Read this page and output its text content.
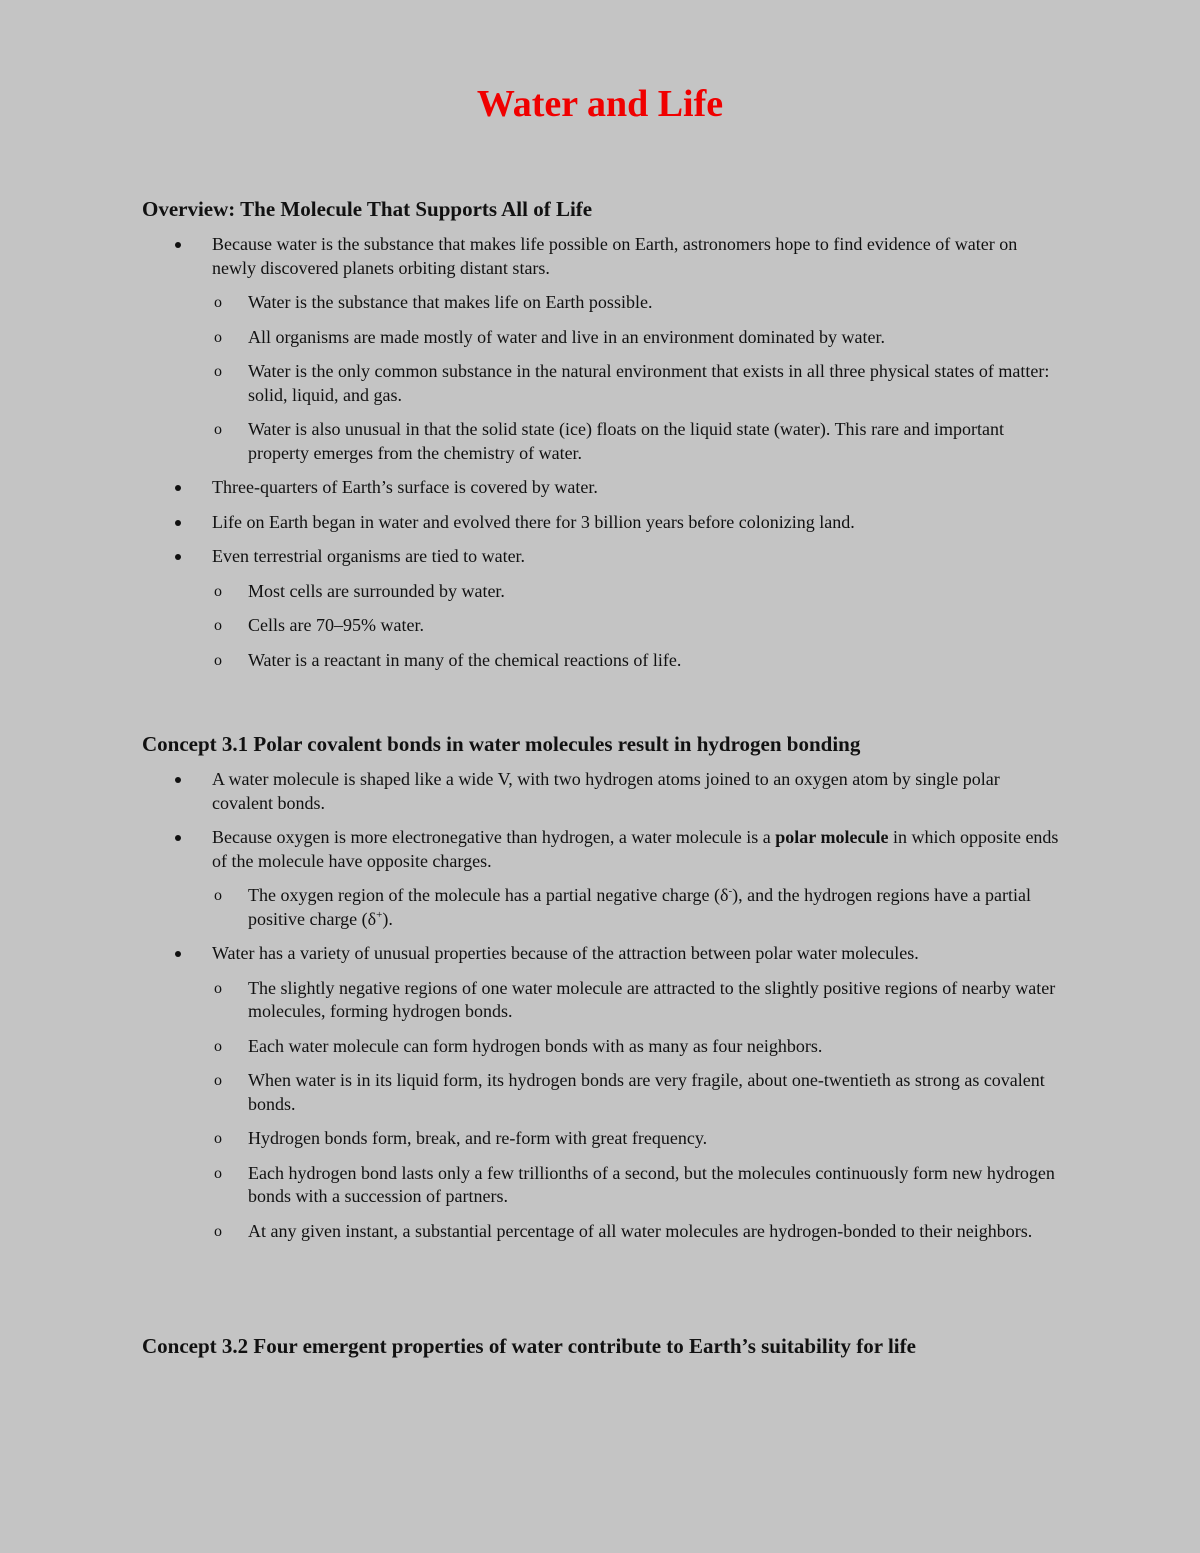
Water and Life
Overview: The Molecule That Supports All of Life
Because water is the substance that makes life possible on Earth, astronomers hope to find evidence of water on newly discovered planets orbiting distant stars.
o Water is the substance that makes life on Earth possible.
o All organisms are made mostly of water and live in an environment dominated by water.
o Water is the only common substance in the natural environment that exists in all three physical states of matter: solid, liquid, and gas.
o Water is also unusual in that the solid state (ice) floats on the liquid state (water). This rare and important property emerges from the chemistry of water.
Three-quarters of Earth’s surface is covered by water.
Life on Earth began in water and evolved there for 3 billion years before colonizing land.
Even terrestrial organisms are tied to water.
o Most cells are surrounded by water.
o Cells are 70–95% water.
o Water is a reactant in many of the chemical reactions of life.
Concept 3.1 Polar covalent bonds in water molecules result in hydrogen bonding
A water molecule is shaped like a wide V, with two hydrogen atoms joined to an oxygen atom by single polar covalent bonds.
Because oxygen is more electronegative than hydrogen, a water molecule is a polar molecule in which opposite ends of the molecule have opposite charges.
o The oxygen region of the molecule has a partial negative charge (δ-), and the hydrogen regions have a partial positive charge (δ+).
Water has a variety of unusual properties because of the attraction between polar water molecules.
o The slightly negative regions of one water molecule are attracted to the slightly positive regions of nearby water molecules, forming hydrogen bonds.
o Each water molecule can form hydrogen bonds with as many as four neighbors.
o When water is in its liquid form, its hydrogen bonds are very fragile, about one-twentieth as strong as covalent bonds.
o Hydrogen bonds form, break, and re-form with great frequency.
o Each hydrogen bond lasts only a few trillionths of a second, but the molecules continuously form new hydrogen bonds with a succession of partners.
o At any given instant, a substantial percentage of all water molecules are hydrogen-bonded to their neighbors.
Concept 3.2 Four emergent properties of water contribute to Earth’s suitability for life
